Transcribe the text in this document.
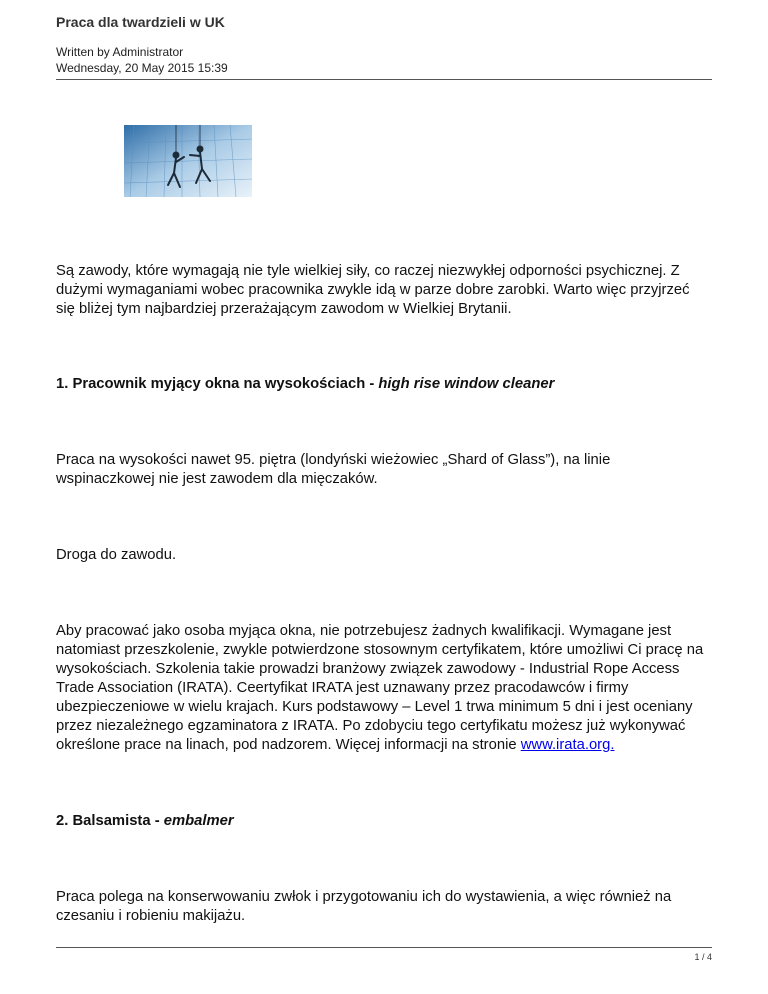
Praca dla twardzieli w UK
Written by Administrator
Wednesday, 20 May 2015 15:39

Są zawody, które wymagają nie tyle wielkiej siły, co raczej niezwykłej odporności psychicznej. Z dużymi wymaganiami wobec pracownika zwykle idą w parze dobre zarobki. Warto więc przyjrzeć się bliżej tym najbardziej przerażającym zawodom w Wielkiej Brytanii.

1. Pracownik myjący okna na wysokościach - high rise window cleaner

Praca na wysokości nawet 95. piętra (londyński wieżowiec „Shard of Glass”), na linie wspinaczkowej nie jest zawodem dla mięczaków.

Droga do zawodu.

Aby pracować jako osoba myjąca okna, nie potrzebujesz żadnych kwalifikacji. Wymagane jest natomiast przeszkolenie, zwykle potwierdzone stosownym certyfikatem, które umożliwi Ci pracę na wysokościach. Szkolenia takie prowadzi branżowy związek zawodowy - Industrial Rope Access Trade Association (IRATA). Ceertyfikat IRATA jest uznawany przez pracodawców i firmy ubezpieczeniowe w wielu krajach. Kurs podstawowy – Level 1 trwa minimum 5 dni i jest oceniany przez niezależnego egzaminatora z IRATA. Po zdobyciu tego certyfikatu możesz już wykonywać określone prace na linach, pod nadzorem. Więcej informacji na stronie www.irata.org.

2. Balsamista - embalmer

Praca polega na konserwowaniu zwłok i przygotowaniu ich do wystawienia, a więc również na czesaniu i robieniu makijażu.

1 / 4
